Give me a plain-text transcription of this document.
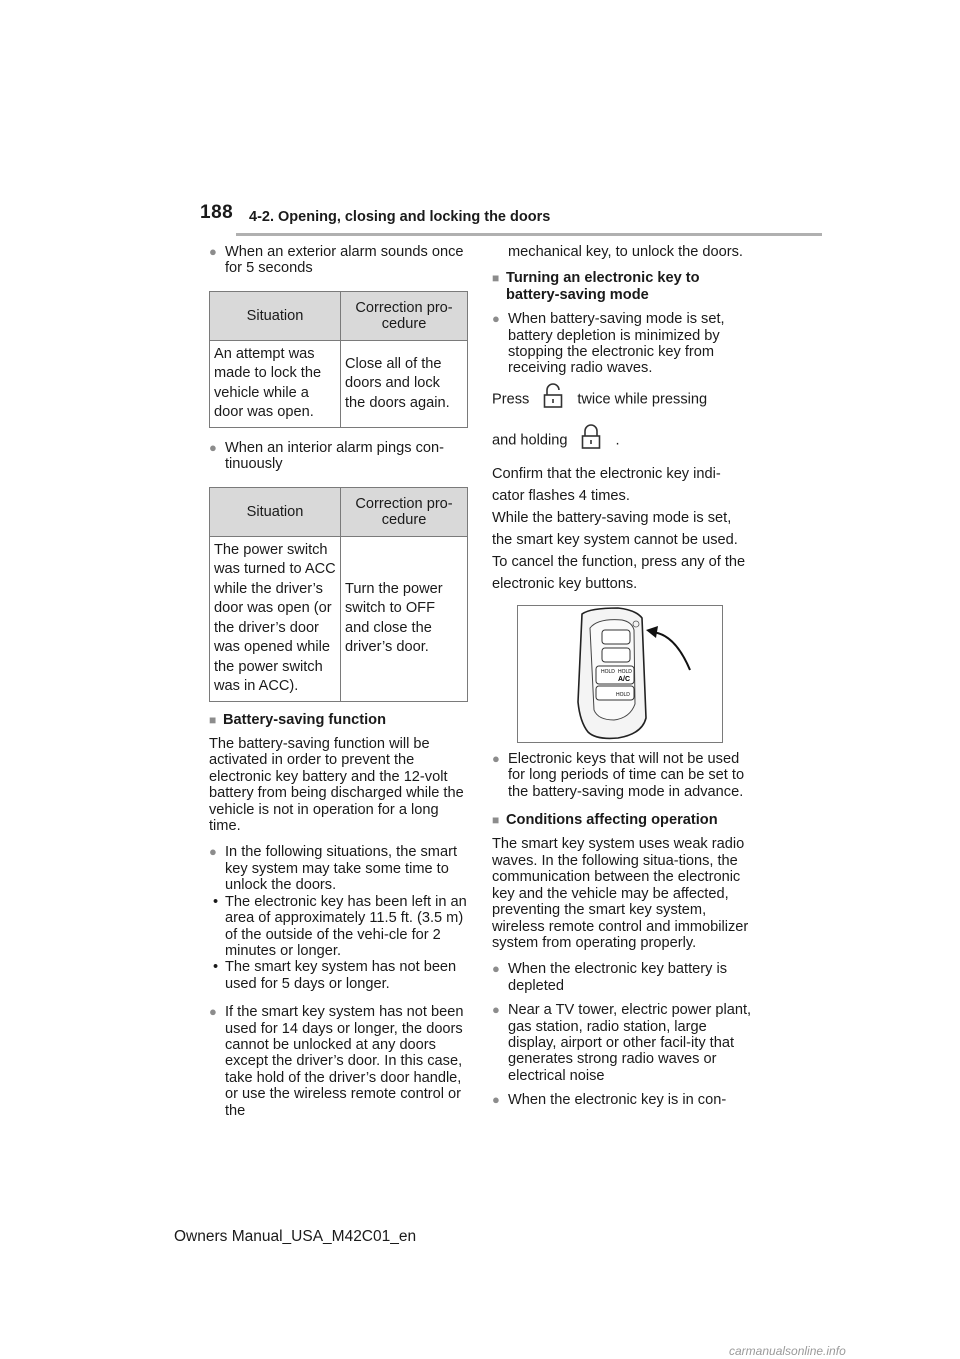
188 4-2. Opening, closing and locking the doors

● When an exterior alarm sounds once for 5 seconds

Situation	Correction pro-cedure
An attempt was made to lock the vehicle while a door was open.	Close all of the doors and lock the doors again.

● When an interior alarm pings con-tinuously

Situation	Correction pro-cedure
The power switch was turned to ACC while the driver’s door was open (or the driver’s door was opened while the power switch was in ACC).	Turn the power switch to OFF and close the driver’s door.

■ Battery-saving function

The battery-saving function will be activated in order to prevent the electronic key battery and the 12-volt battery from being discharged while the vehicle is not in operation for a long time.

● In the following situations, the smart key system may take some time to unlock the doors.

• The electronic key has been left in an area of approximately 11.5 ft. (3.5 m) of the outside of the vehi-cle for 2 minutes or longer.

• The smart key system has not been used for 5 days or longer.

● If the smart key system has not been used for 14 days or longer, the doors cannot be unlocked at any doors except the driver’s door. In this case, take hold of the driver’s door handle, or use the wireless remote control or the

mechanical key, to unlock the doors.

■ Turning an electronic key to battery-saving mode

● When battery-saving mode is set, battery depletion is minimized by stopping the electronic key from receiving radio waves.

Press	twice while pressing

and holding	.

Confirm that the electronic key indi-cator flashes 4 times.

While the battery-saving mode is set, the smart key system cannot be used. To cancel the function, press any of the electronic key buttons.

HOLD HOLD
A/C
HOLD

● Electronic keys that will not be used for long periods of time can be set to the battery-saving mode in advance.

■ Conditions affecting operation

The smart key system uses weak radio waves. In the following situa-tions, the communication between the electronic key and the vehicle may be affected, preventing the smart key system, wireless remote control and immobilizer system from operating properly.

● When the electronic key battery is depleted

● Near a TV tower, electric power plant, gas station, radio station, large display, airport or other facil-ity that generates strong radio waves or electrical noise

● When the electronic key is in con-

Owners Manual_USA_M42C01_en
carmanualsonline.info
